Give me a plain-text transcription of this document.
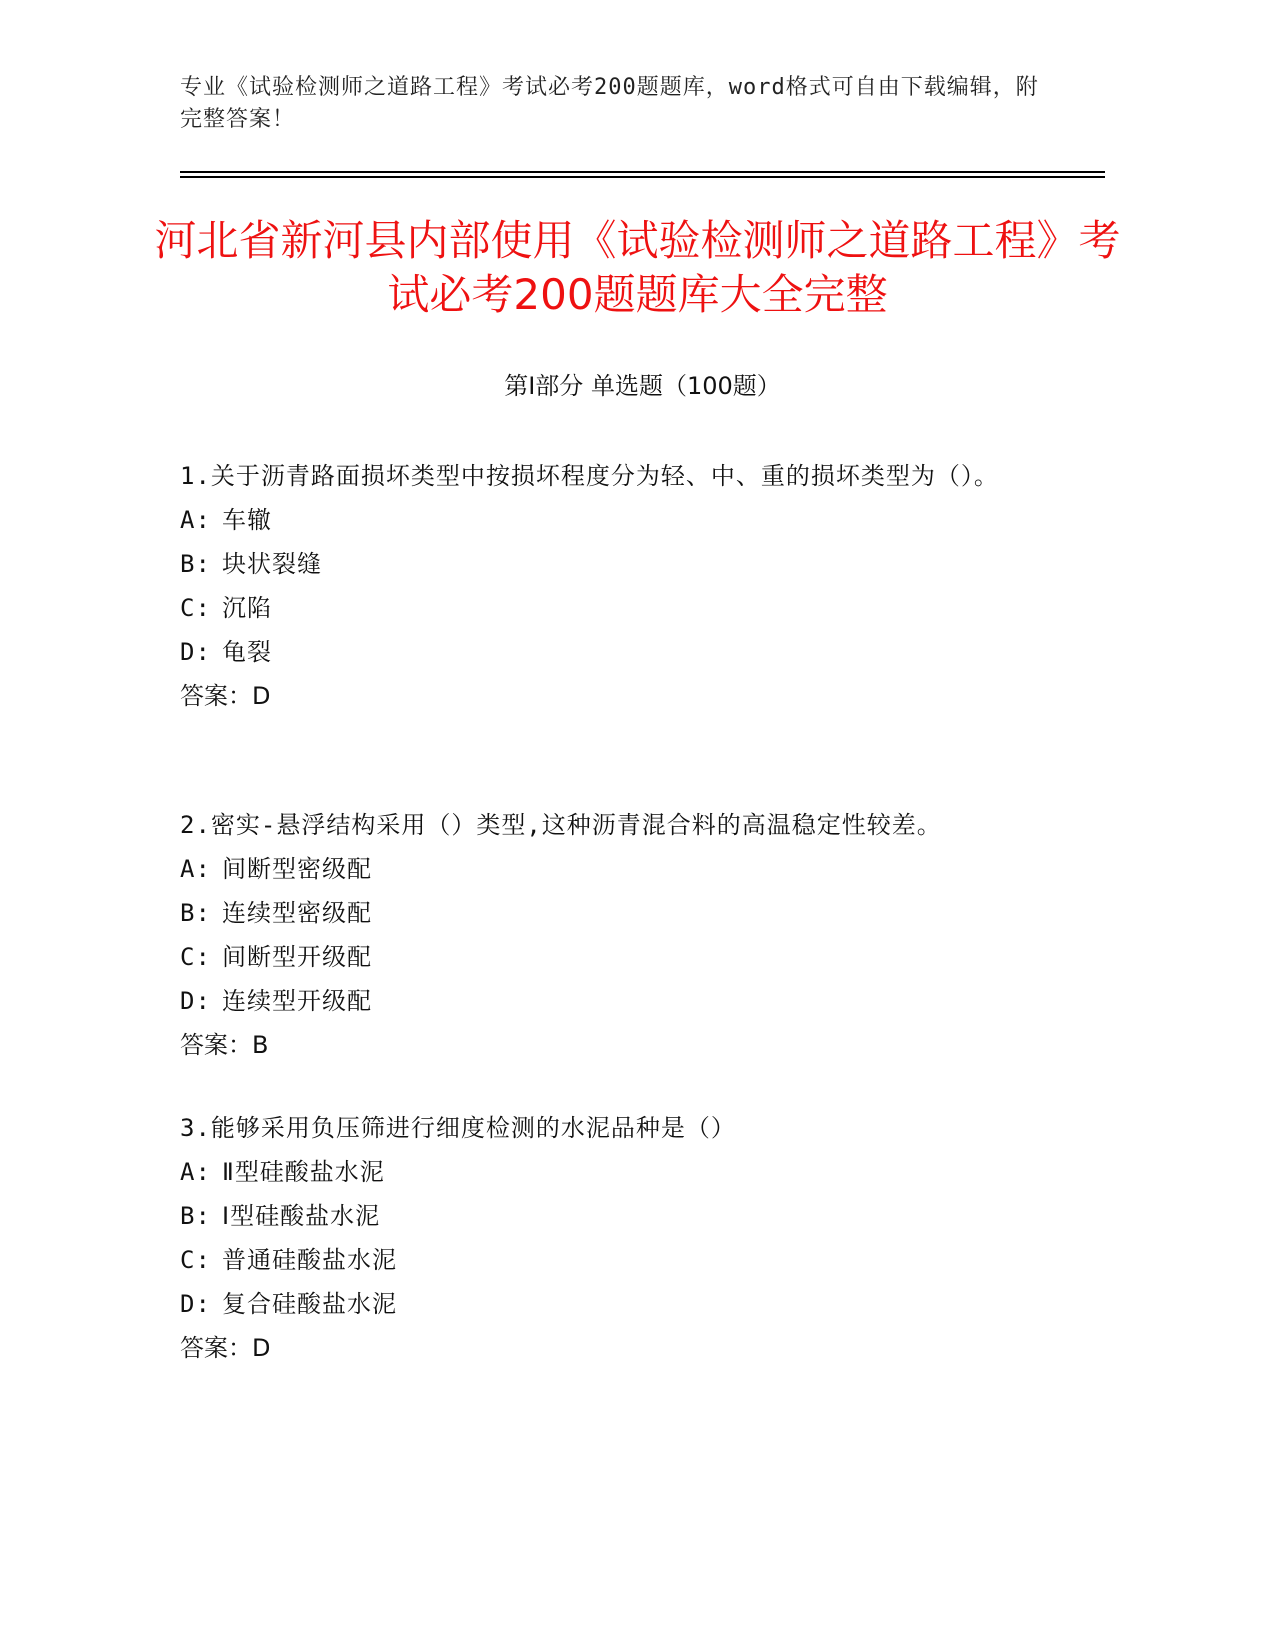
专业《试验检测师之道路工程》考试必考200题题库，word格式可自由下载编辑，附完整答案！
河北省新河县内部使用《试验检测师之道路工程》考试必考200题题库大全完整
第Ⅰ部分 单选题（100题）
1.关于沥青路面损坏类型中按损坏程度分为轻、中、重的损坏类型为（）。
A: 车辙
B: 块状裂缝
C: 沉陷
D: 龟裂
答案：D
2.密实-悬浮结构采用（）类型,这种沥青混合料的高温稳定性较差。
A: 间断型密级配
B: 连续型密级配
C: 间断型开级配
D: 连续型开级配
答案：B
3.能够采用负压筛进行细度检测的水泥品种是（）
A: Ⅱ型硅酸盐水泥
B: Ⅰ型硅酸盐水泥
C: 普通硅酸盐水泥
D: 复合硅酸盐水泥
答案：D
